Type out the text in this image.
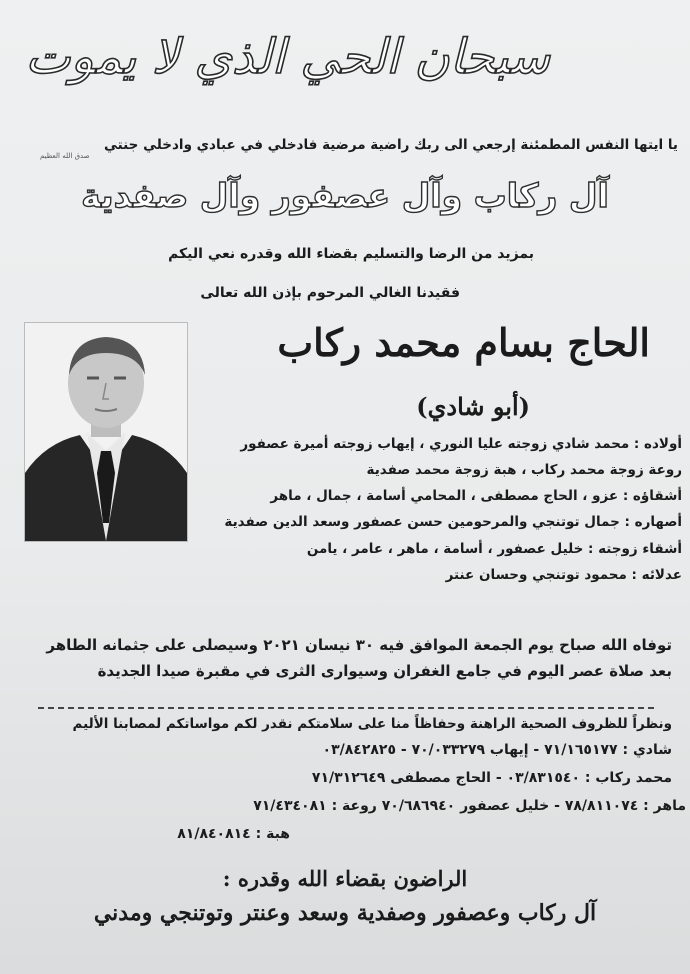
سبحان الحي الذي لا يموت
يا ايتها النفس المطمئنة إرجعي الى ربك راضية مرضية فادخلي في عبادي وادخلي جنتي
صدق الله العظيم
آل ركاب وآل عصفور وآل صفدية
بمزيد من الرضا والتسليم بقضاء الله وقدره نعي اليكم
فقيدنا الغالي المرحوم بإذن الله تعالى
الحاج بسام محمد ركاب
(أبو شادي)
أولاده : محمد شادي زوجته عليا النوري ، إيهاب زوجته أميرة عصفور
روعة زوجة محمد ركاب ، هبة زوجة محمد صفدية
أشقاؤه : عزو ، الحاج مصطفى ، المحامي أسامة ، جمال ، ماهر
أصهاره : جمال توتنجي والمرحومين حسن عصفور وسعد الدين صفدية
أشقاء زوجته : خليل عصفور ، أسامة ، ماهر ، عامر ، يامن
عدلائه : محمود توتنجي وحسان عنتر
توفاه الله صباح يوم الجمعة الموافق فيه ٣٠ نيسان ٢٠٢١ وسيصلى على جثمانه الطاهر
بعد صلاة عصر اليوم في جامع الغفران وسيوارى الثرى في مقبرة صيدا الجديدة
ونظراً للظروف الصحية الراهنة وحفاظاً منا على سلامتكم نقدر لكم مواساتكم لمصابنا الأليم
شادي : ٧١/١٦٥١٧٧ - إيهاب ٧٠/٠٣٣٢٧٩ - ٠٣/٨٤٢٨٢٥
محمد ركاب : ٠٣/٨٣١٥٤٠ - الحاج مصطفى ٧١/٣١٢٦٤٩
ماهر : ٧٨/٨١١٠٧٤ - خليل عصفور ٧٠/٦٨٦٩٤٠ روعة : ٧١/٤٣٤٠٨١
هبة : ٨١/٨٤٠٨١٤
الراضون بقضاء الله وقدره :
آل ركاب وعصفور وصفدية وسعد وعنتر وتوتنجي ومدني
